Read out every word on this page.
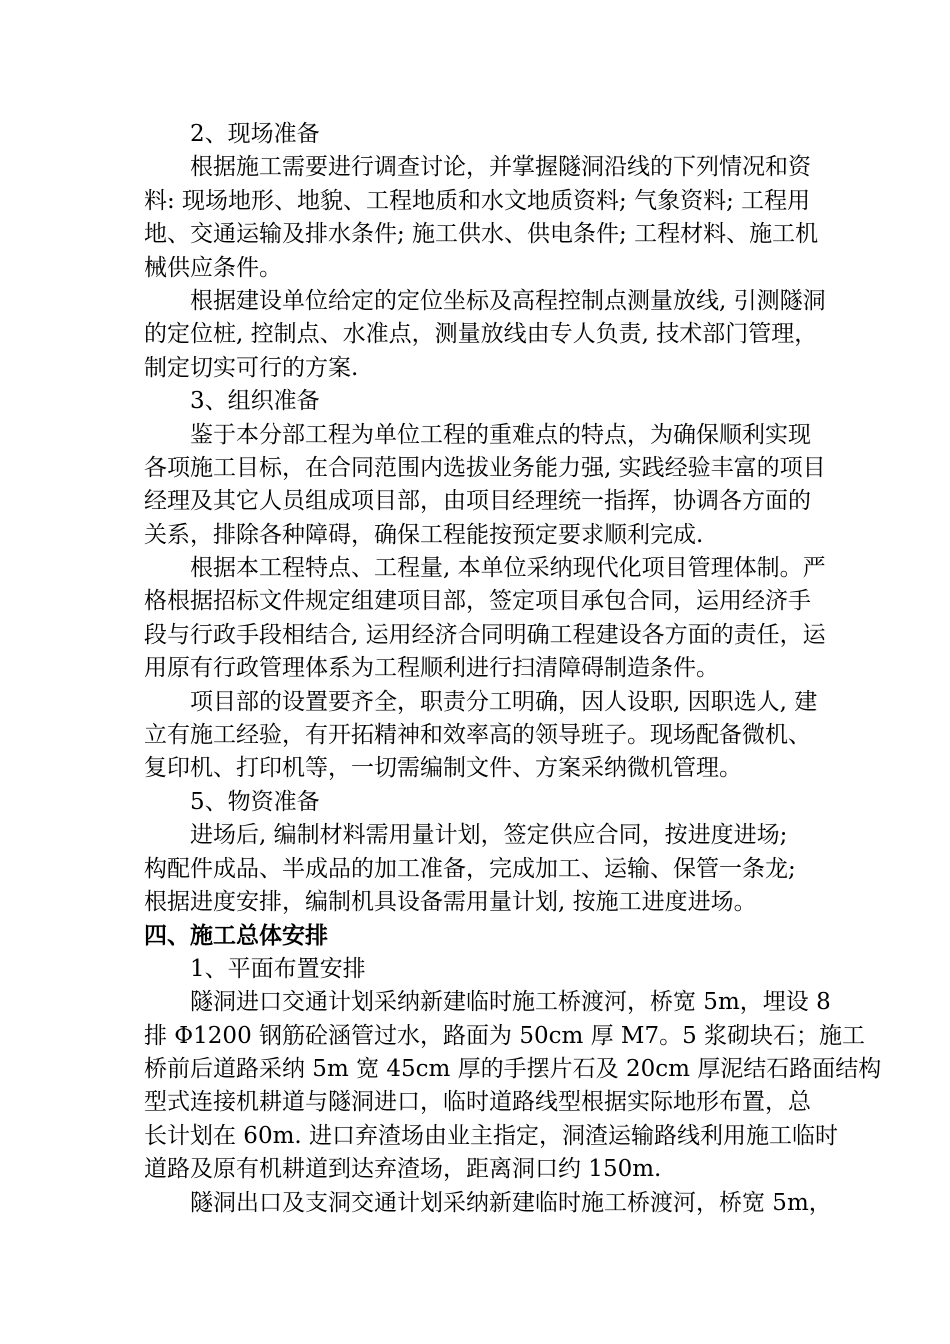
2、现场准备
根据施工需要进行调查讨论，并掌握隧洞沿线的下列情况和资
料: 现场地形、地貌、工程地质和水文地质资料; 气象资料; 工程用
地、交通运输及排水条件; 施工供水、供电条件; 工程材料、施工机
械供应条件。
根据建设单位给定的定位坐标及高程控制点测量放线, 引测隧洞
的定位桩, 控制点、水准点，测量放线由专人负责, 技术部门管理，
制定切实可行的方案.
3、组织准备
鉴于本分部工程为单位工程的重难点的特点，为确保顺利实现
各项施工目标，在合同范围内选拔业务能力强, 实践经验丰富的项目
经理及其它人员组成项目部，由项目经理统一指挥，协调各方面的
关系，排除各种障碍，确保工程能按预定要求顺利完成.
根据本工程特点、工程量, 本单位采纳现代化项目管理体制。严
格根据招标文件规定组建项目部，签定项目承包合同，运用经济手
段与行政手段相结合, 运用经济合同明确工程建设各方面的责任，运
用原有行政管理体系为工程顺利进行扫清障碍制造条件。
项目部的设置要齐全，职责分工明确，因人设职, 因职选人, 建
立有施工经验，有开拓精神和效率高的领导班子。现场配备微机、
复印机、打印机等，一切需编制文件、方案采纳微机管理。
5、物资准备
进场后, 编制材料需用量计划，签定供应合同，按进度进场;
构配件成品、半成品的加工准备，完成加工、运输、保管一条龙;
根据进度安排，编制机具设备需用量计划, 按施工进度进场。
四、施工总体安排
1、平面布置安排
隧洞进口交通计划采纳新建临时施工桥渡河，桥宽 5m，埋设 8
排 Φ1200 钢筋砼涵管过水，路面为 50cm 厚 M7。5 浆砌块石；施工
桥前后道路采纳 5m 宽 45cm 厚的手摆片石及 20cm 厚泥结石路面结构
型式连接机耕道与隧洞进口，临时道路线型根据实际地形布置，总
长计划在 60m. 进口弃渣场由业主指定，洞渣运输路线利用施工临时
道路及原有机耕道到达弃渣场，距离洞口约 150m.
隧洞出口及支洞交通计划采纳新建临时施工桥渡河，桥宽 5m，
